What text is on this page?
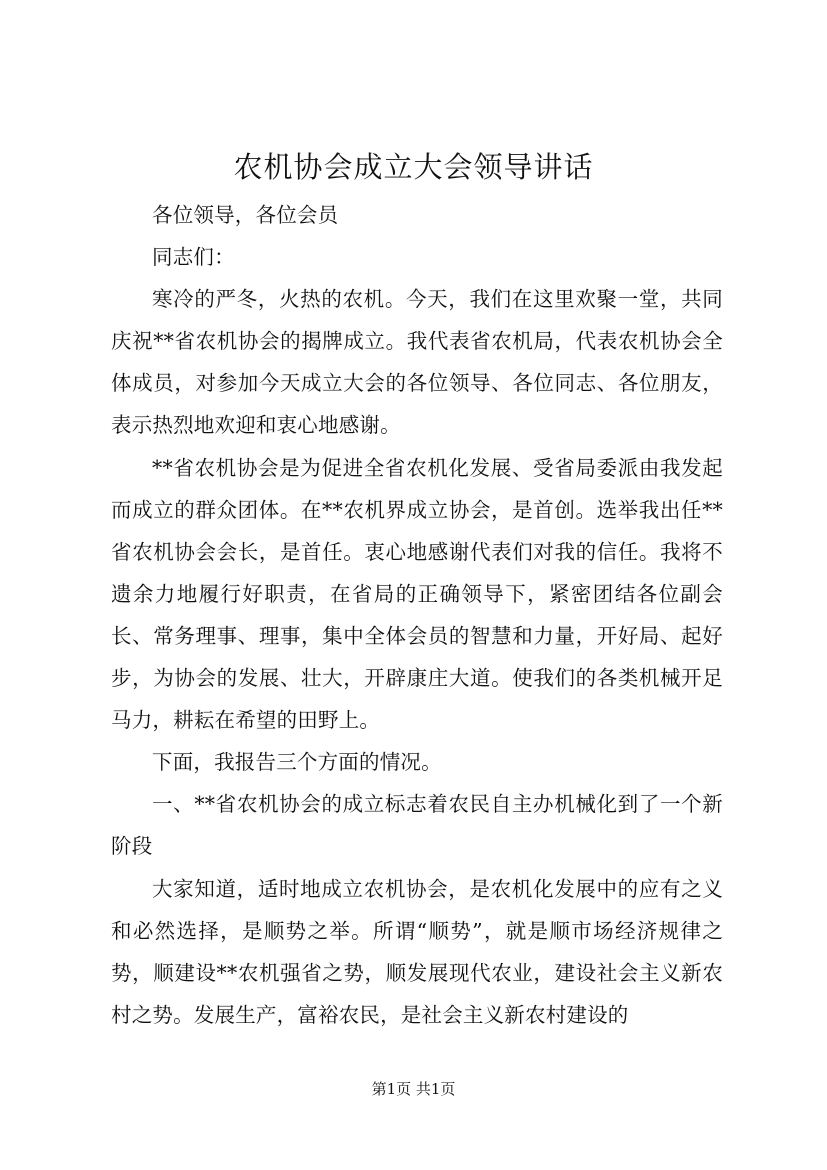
农机协会成立大会领导讲话

各位领导，各位会员

同志们：

寒冷的严冬，火热的农机。今天，我们在这里欢聚一堂，共同庆祝**省农机协会的揭牌成立。我代表省农机局，代表农机协会全体成员，对参加今天成立大会的各位领导、各位同志、各位朋友，表示热烈地欢迎和衷心地感谢。

**省农机协会是为促进全省农机化发展、受省局委派由我发起而成立的群众团体。在**农机界成立协会，是首创。选举我出任**省农机协会会长，是首任。衷心地感谢代表们对我的信任。我将不遗余力地履行好职责，在省局的正确领导下，紧密团结各位副会长、常务理事、理事，集中全体会员的智慧和力量，开好局、起好步，为协会的发展、壮大，开辟康庄大道。使我们的各类机械开足马力，耕耘在希望的田野上。

下面，我报告三个方面的情况。

一、**省农机协会的成立标志着农民自主办机械化到了一个新阶段

大家知道，适时地成立农机协会，是农机化发展中的应有之义和必然选择，是顺势之举。所谓“顺势”，就是顺市场经济规律之势，顺建设**农机强省之势，顺发展现代农业，建设社会主义新农村之势。发展生产，富裕农民，是社会主义新农村建设的

第1页 共1页
